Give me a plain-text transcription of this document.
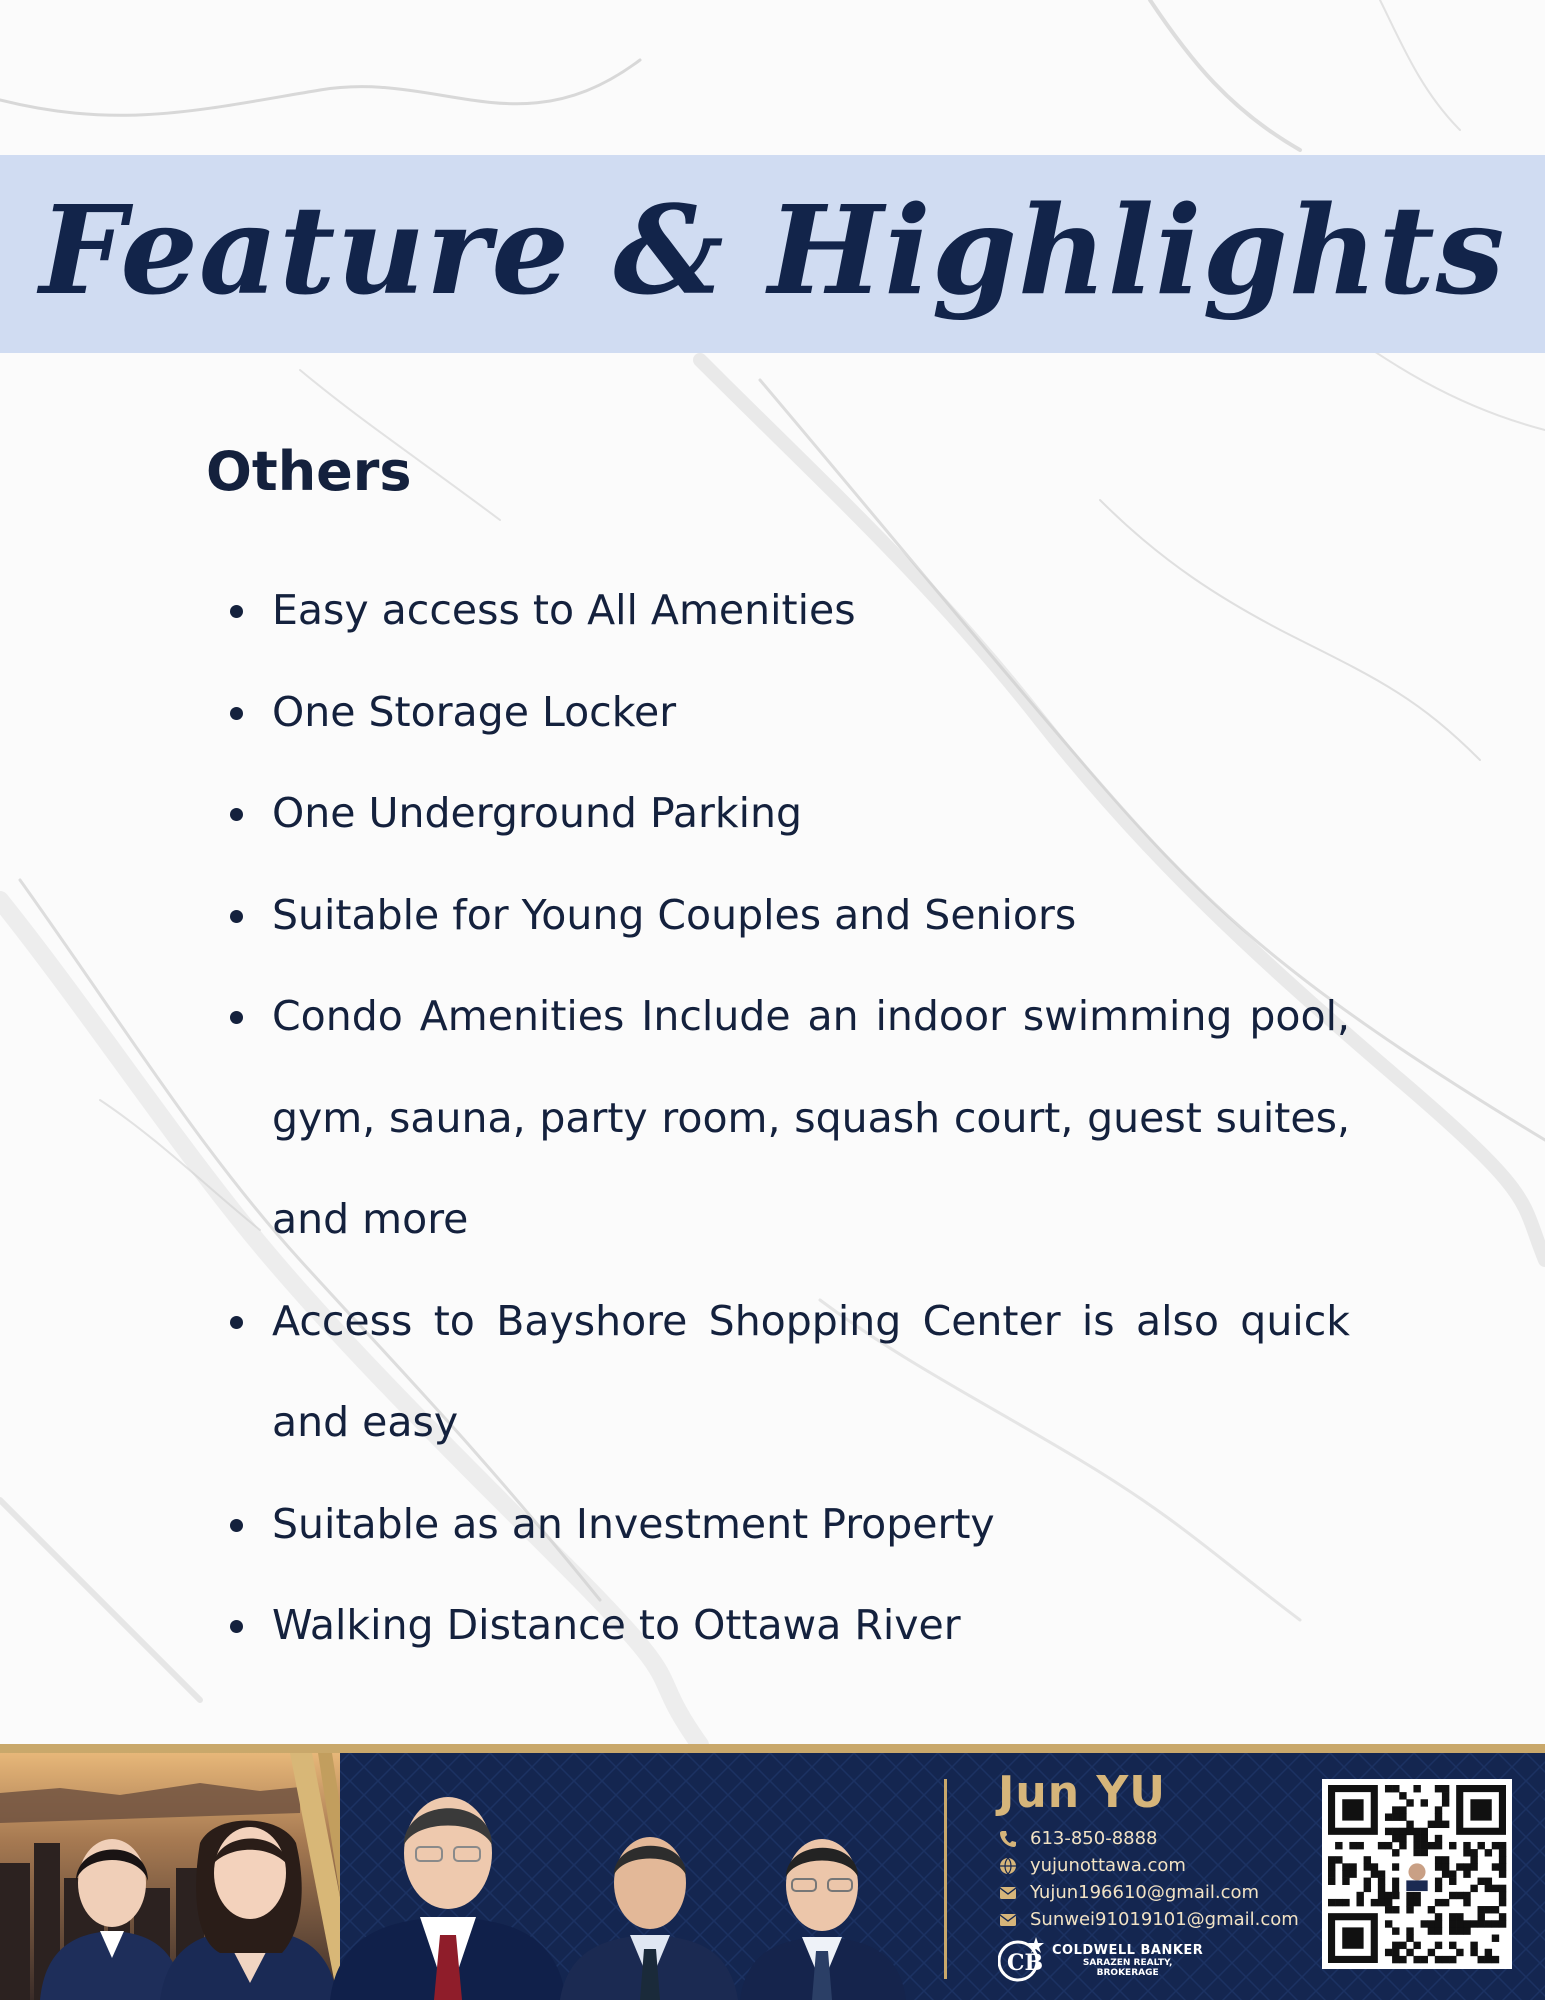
Feature & Highlights
Others
Easy access to All Amenities
One Storage Locker
One Underground Parking
Suitable for Young Couples and Seniors
Condo Amenities Include an indoor swimming pool, gym, sauna, party room, squash court, guest suites, and more
Access to Bayshore Shopping Center is also quick and easy
Suitable as an Investment Property
Walking Distance to Ottawa River
Jun YU
613-850-8888
yujunottawa.com
Yujun196610@gmail.com
Sunwei91019101@gmail.com
CB COLDWELL BANKER
SARAZEN REALTY,
BROKERAGE
